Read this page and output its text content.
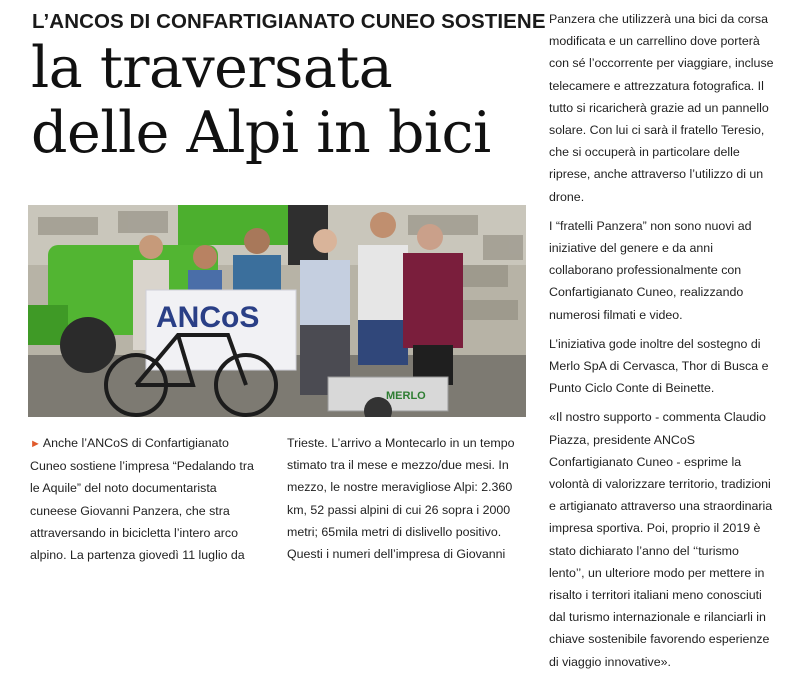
L’ANCOS DI CONFARTIGIANATO CUNEO SOSTIENE
la traversata
delle Alpi in bici
ANCoS
MERLO
► Anche l’ANCoS di Confartigianato Cuneo sostiene l’impresa “Pedalando tra le Aquile” del noto documentarista cuneese Giovanni Panzera, che stra attraversando in bicicletta l’intero arco alpino. La partenza giovedì 11 luglio da
Trieste. L’arrivo a Montecarlo in un tempo stimato tra il mese e mezzo/due mesi. In mezzo, le nostre meravigliose Alpi: 2.360 km, 52 passi alpini di cui 26 sopra i 2000 metri; 65mila metri di dislivello positivo. Questi i numeri dell’impresa di Giovanni

Panzera che utilizzerà una bici da corsa modificata e un carrellino dove porterà con sé l’occorrente per viaggiare, incluse telecamere e attrezzatura fotografica. Il tutto si ricaricherà grazie ad un pannello solare. Con lui ci sarà il fratello Teresio, che si occuperà in particolare delle riprese, anche attraverso l’utilizzo di un drone.

I “fratelli Panzera” non sono nuovi ad iniziative del genere e da anni collaborano professionalmente con Confartigianato Cuneo, realizzando numerosi filmati e video.

L’iniziativa gode inoltre del sostegno di Merlo SpA di Cervasca, Thor di Busca e Punto Ciclo Conte di Beinette.

«Il nostro supporto - commenta Claudio Piazza, presidente ANCoS Confartigianato Cuneo - esprime la volontà di valorizzare territorio, tradizioni e artigianato attraverso una straordinaria impresa sportiva. Poi, proprio il 2019 è stato dichiarato l’anno del ‘‘turismo lento’’, un ulteriore modo per mettere in risalto i territori italiani meno conosciuti dal turismo internazionale e rilanciarli in chiave sostenibile favorendo esperienze di viaggio innovative».
